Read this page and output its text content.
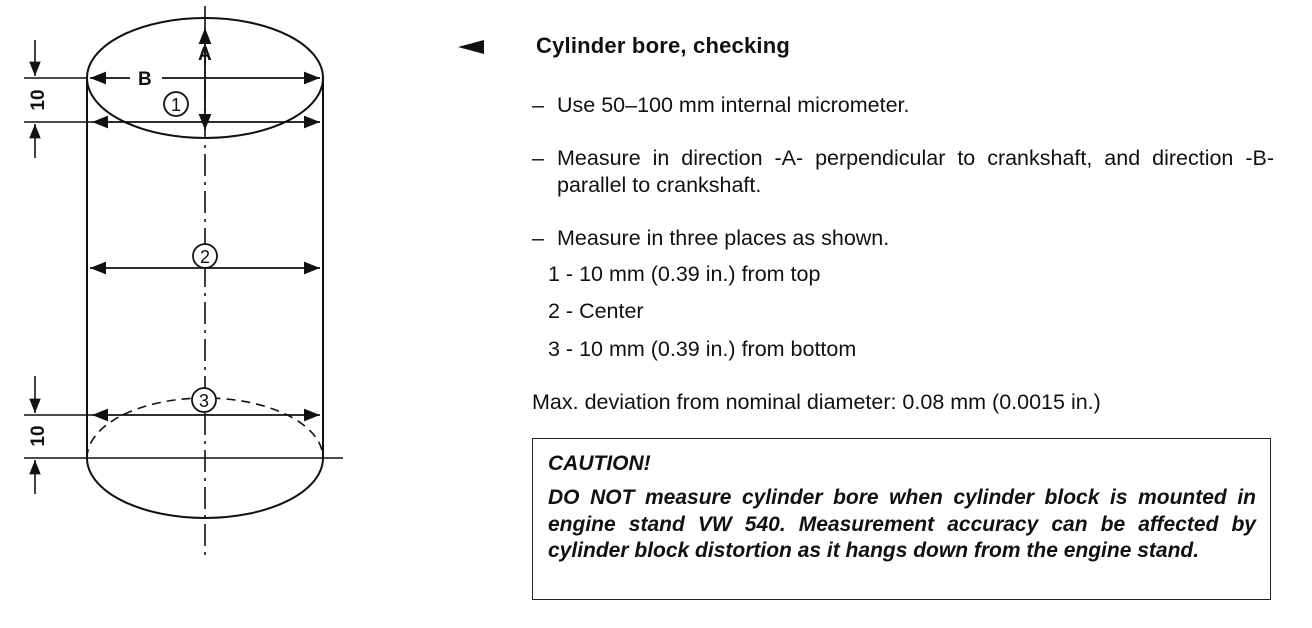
A
B
1
2
3
10
10
Cylinder bore, checking
– Use 50–100 mm internal micrometer.
– Measure in direction -A- perpendicular to crankshaft, and direction -B- parallel to crankshaft.
– Measure in three places as shown.
1 - 10 mm (0.39 in.) from top
2 - Center
3 - 10 mm (0.39 in.) from bottom
Max. deviation from nominal diameter: 0.08 mm (0.0015 in.)
CAUTION!
DO NOT measure cylinder bore when cylinder block is mounted in engine stand VW 540. Measurement accuracy can be affected by cylinder block distortion as it hangs down from the engine stand.
